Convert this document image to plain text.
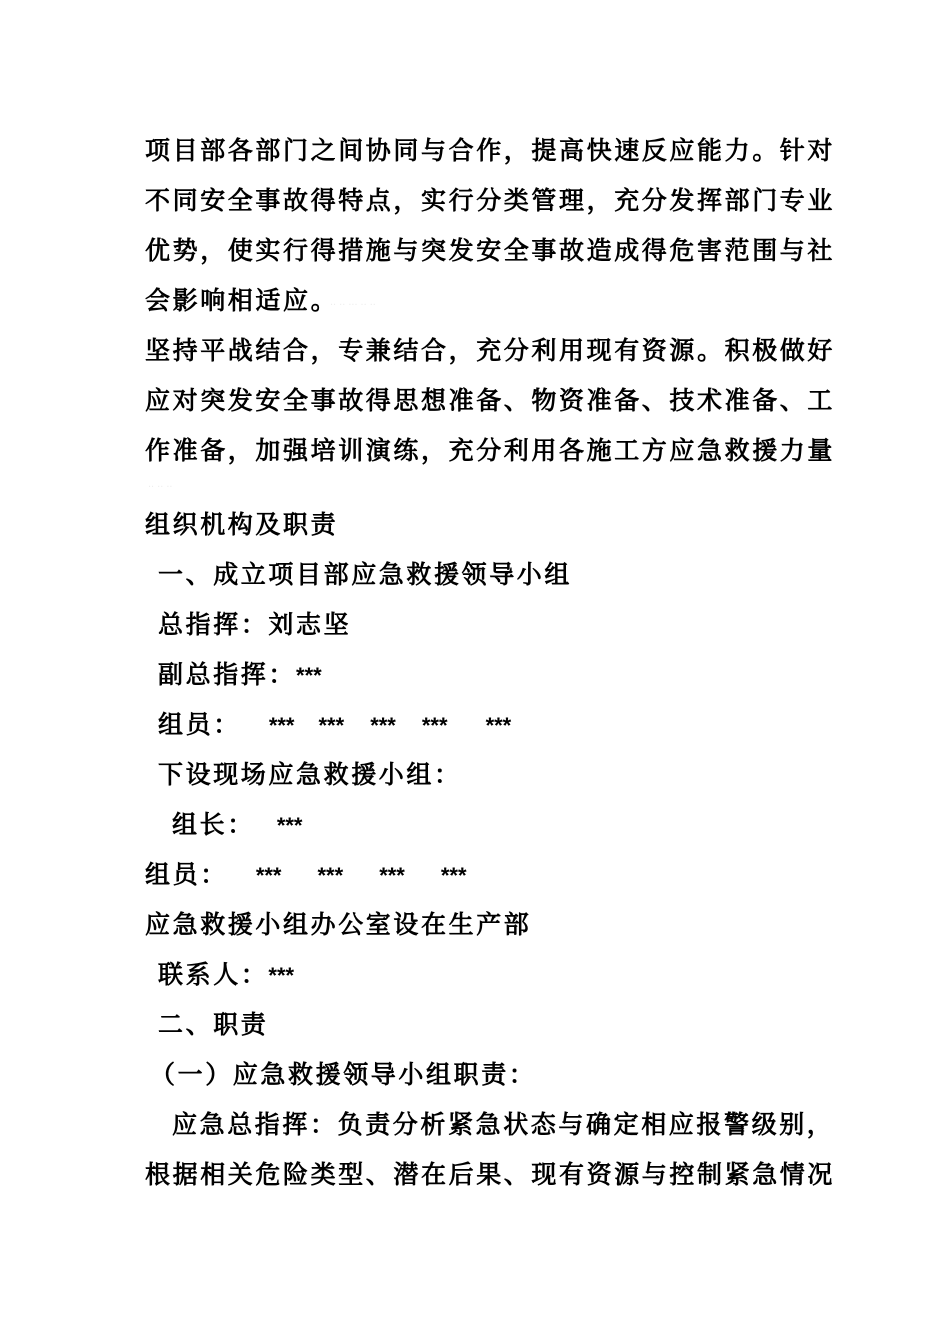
项目部各部门之间协同与合作，提高快速反应能力。针对
不同安全事故得特点，实行分类管理，充分发挥部门专业
优势，使实行得措施与突发安全事故造成得危害范围与社
会影响相适应。
.. .. ... .. ..
坚持平战结合，专兼结合，充分利用现有资源。积极做好
应对突发安全事故得思想准备、物资准备、技术准备、工
作准备，加强培训演练，充分利用各施工方应急救援力量
.. .. ..
组织机构及职责
一、成立项目部应急救援领导小组
总指挥：刘志坚
副总指挥：***
组员： *** *** *** *** ***
下设现场应急救援小组：
组长： ***
组员： *** *** *** ***
应急救援小组办公室设在生产部
联系人：***
二、职责
（一）应急救援领导小组职责：
应急总指挥：负责分析紧急状态与确定相应报警级别，
根据相关危险类型、潜在后果、现有资源与控制紧急情况
